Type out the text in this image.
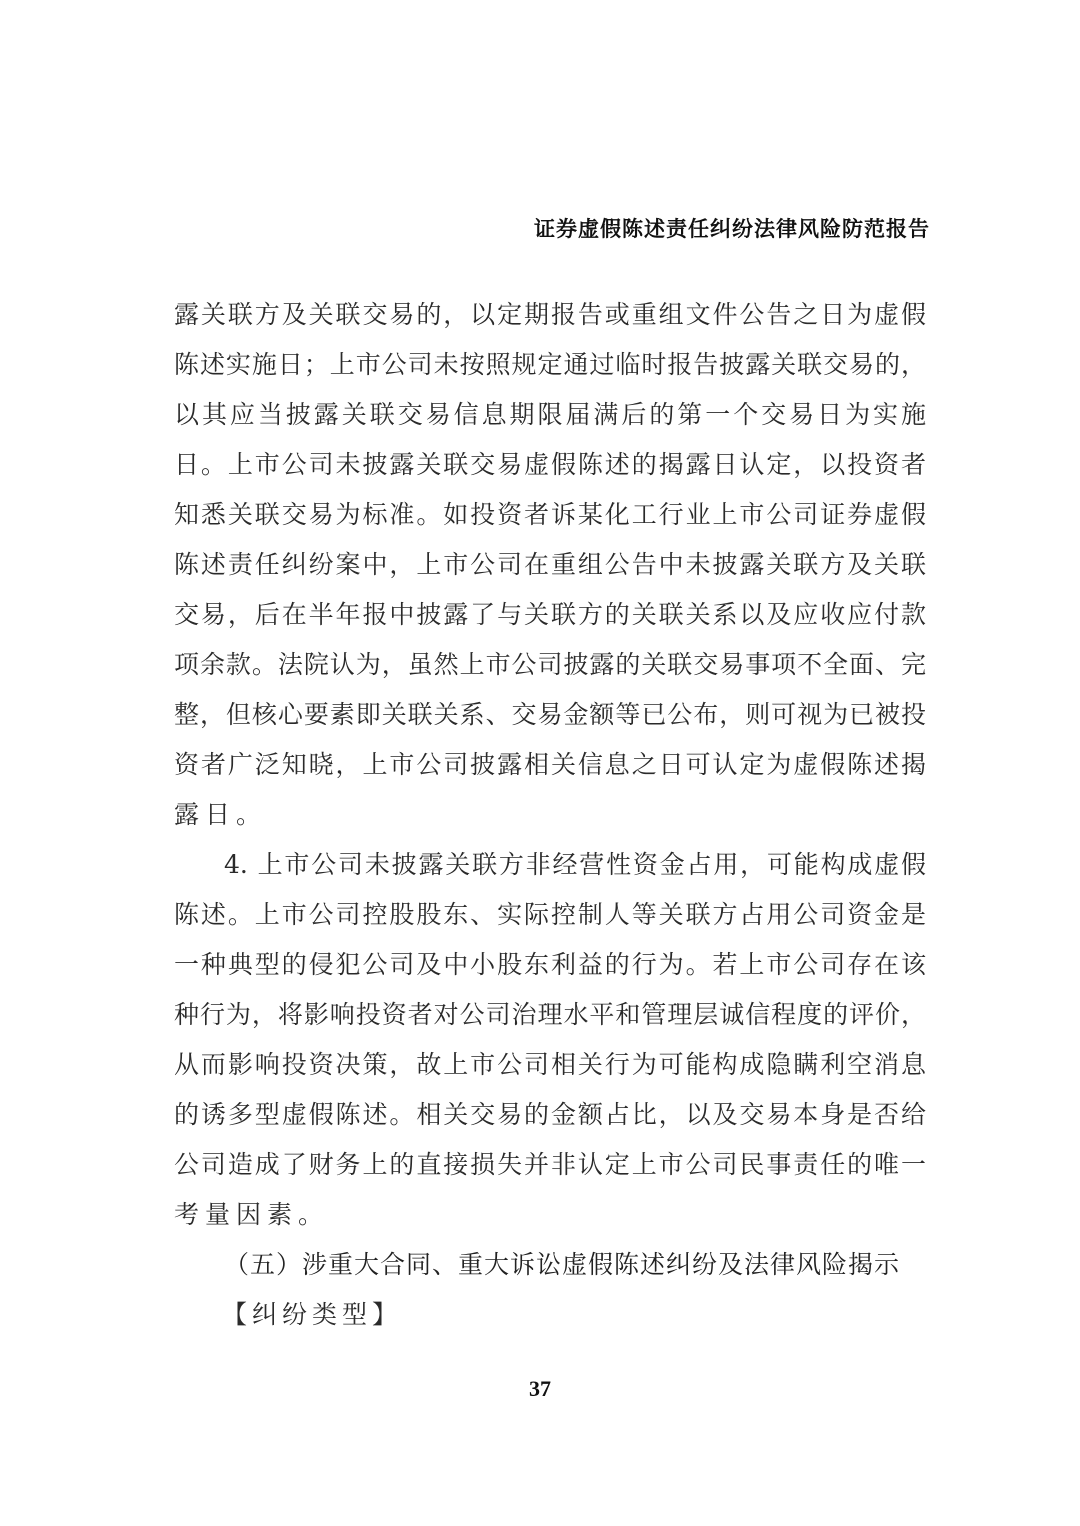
证券虚假陈述责任纠纷法律风险防范报告
露关联方及关联交易的，以定期报告或重组文件公告之日为虚假
陈述实施日；上市公司未按照规定通过临时报告披露关联交易的，
以其应当披露关联交易信息期限届满后的第一个交易日为实施
日。上市公司未披露关联交易虚假陈述的揭露日认定，以投资者
知悉关联交易为标准。如投资者诉某化工行业上市公司证券虚假
陈述责任纠纷案中，上市公司在重组公告中未披露关联方及关联
交易，后在半年报中披露了与关联方的关联关系以及应收应付款
项余款。法院认为，虽然上市公司披露的关联交易事项不全面、完
整，但核心要素即关联关系、交易金额等已公布，则可视为已被投
资者广泛知晓，上市公司披露相关信息之日可认定为虚假陈述揭
露日。
4. 上市公司未披露关联方非经营性资金占用，可能构成虚假
陈述。上市公司控股股东、实际控制人等关联方占用公司资金是
一种典型的侵犯公司及中小股东利益的行为。若上市公司存在该
种行为，将影响投资者对公司治理水平和管理层诚信程度的评价，
从而影响投资决策，故上市公司相关行为可能构成隐瞒利空消息
的诱多型虚假陈述。相关交易的金额占比，以及交易本身是否给
公司造成了财务上的直接损失并非认定上市公司民事责任的唯一
考量因素。
（五）涉重大合同、重大诉讼虚假陈述纠纷及法律风险揭示
【纠纷类型】
37
